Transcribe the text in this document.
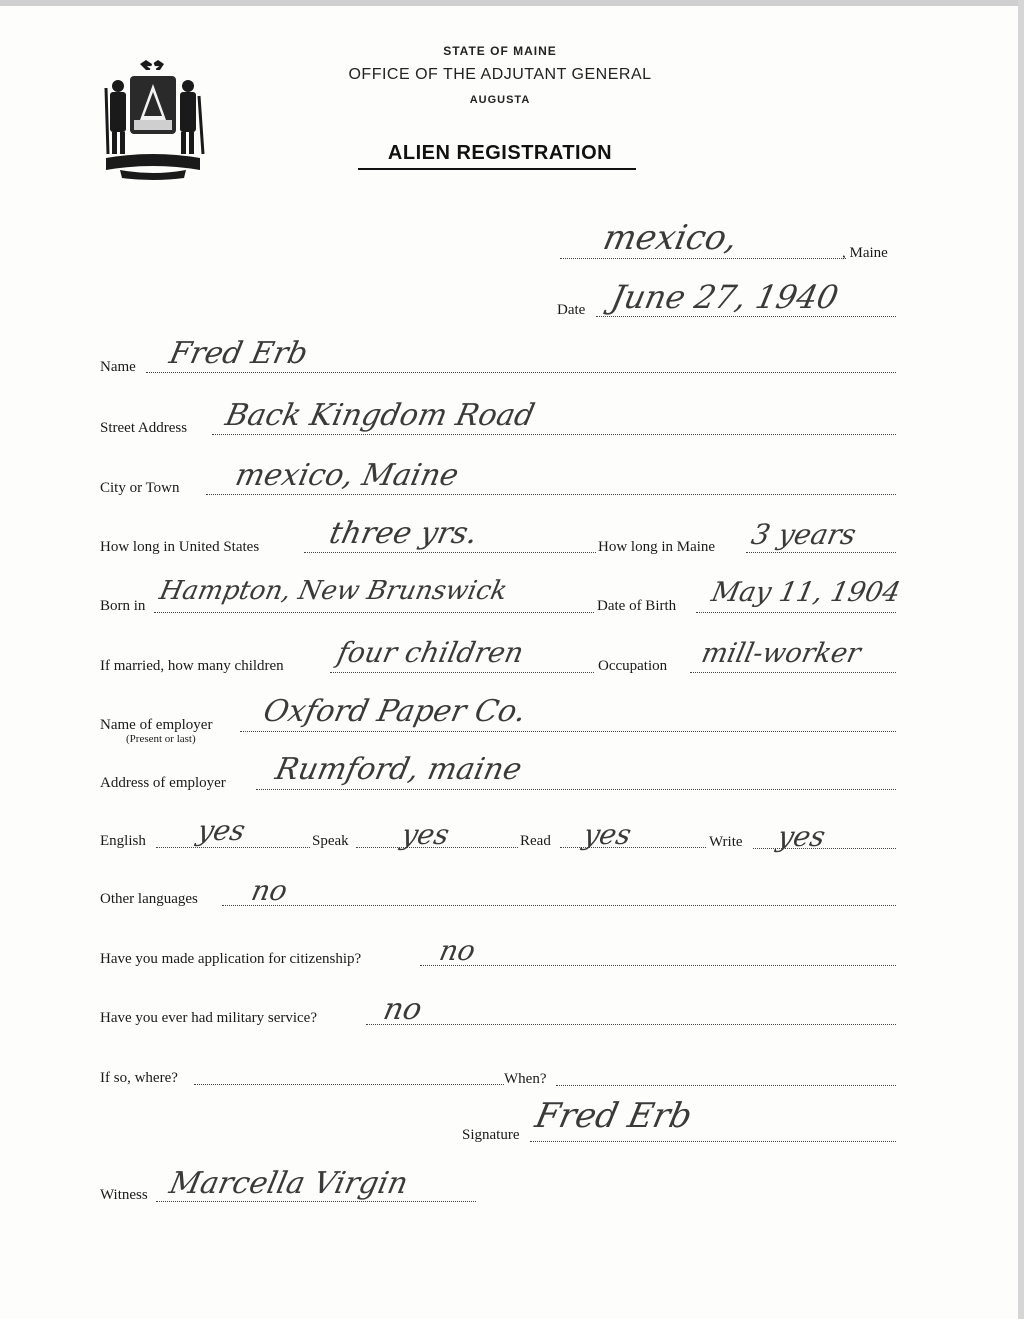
STATE OF MAINE
OFFICE OF THE ADJUTANT GENERAL
AUGUSTA
ALIEN REGISTRATION
mexico,	, Maine
Date June 27, 1940
Name Fred Erb
Street Address Back Kingdom Road
City or Town mexico, Maine
How long in United States three yrs.	How long in Maine 3 years
Born in Hampton, New Brunswick	Date of Birth May 11, 1904
If married, how many children four children	Occupation mill-worker
Name of employer
(Present or last)
Oxford Paper Co.
Address of employer Rumford, maine
English yes	Speak yes	Read yes	Write yes
Other languages no
Have you made application for citizenship?	no
Have you ever had military service? no
If so, where?	When?
Signature Fred Erb
Witness Marcella Virgin
